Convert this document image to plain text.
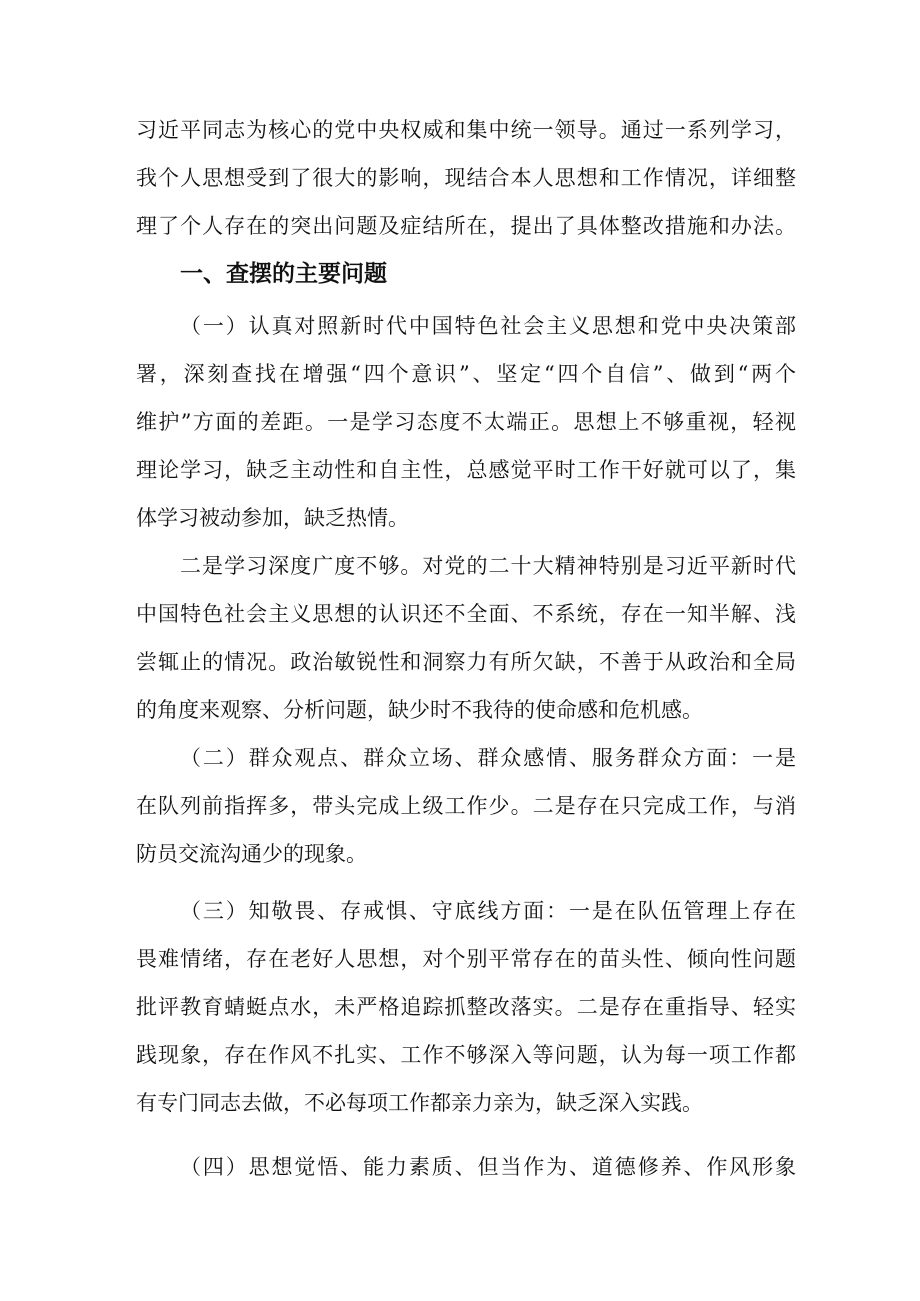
习近平同志为核心的党中央权威和集中统一领导。通过一系列学习，
我个人思想受到了很大的影响，现结合本人思想和工作情况，详细整
理了个人存在的突出问题及症结所在，提出了具体整改措施和办法。
一、查摆的主要问题
（一）认真对照新时代中国特色社会主义思想和党中央决策部
署，深刻查找在增强“四个意识”、坚定“四个自信”、做到“两个
维护”方面的差距。一是学习态度不太端正。思想上不够重视，轻视
理论学习，缺乏主动性和自主性，总感觉平时工作干好就可以了，集
体学习被动参加，缺乏热情。
二是学习深度广度不够。对党的二十大精神特别是习近平新时代
中国特色社会主义思想的认识还不全面、不系统，存在一知半解、浅
尝辄止的情况。政治敏锐性和洞察力有所欠缺，不善于从政治和全局
的角度来观察、分析问题，缺少时不我待的使命感和危机感。
（二）群众观点、群众立场、群众感情、服务群众方面：一是
在队列前指挥多，带头完成上级工作少。二是存在只完成工作，与消
防员交流沟通少的现象。
（三）知敬畏、存戒惧、守底线方面：一是在队伍管理上存在
畏难情绪，存在老好人思想，对个别平常存在的苗头性、倾向性问题
批评教育蜻蜓点水，未严格追踪抓整改落实。二是存在重指导、轻实
践现象，存在作风不扎实、工作不够深入等问题，认为每一项工作都
有专门同志去做，不必每项工作都亲力亲为，缺乏深入实践。
（四）思想觉悟、能力素质、但当作为、道德修养、作风形象
